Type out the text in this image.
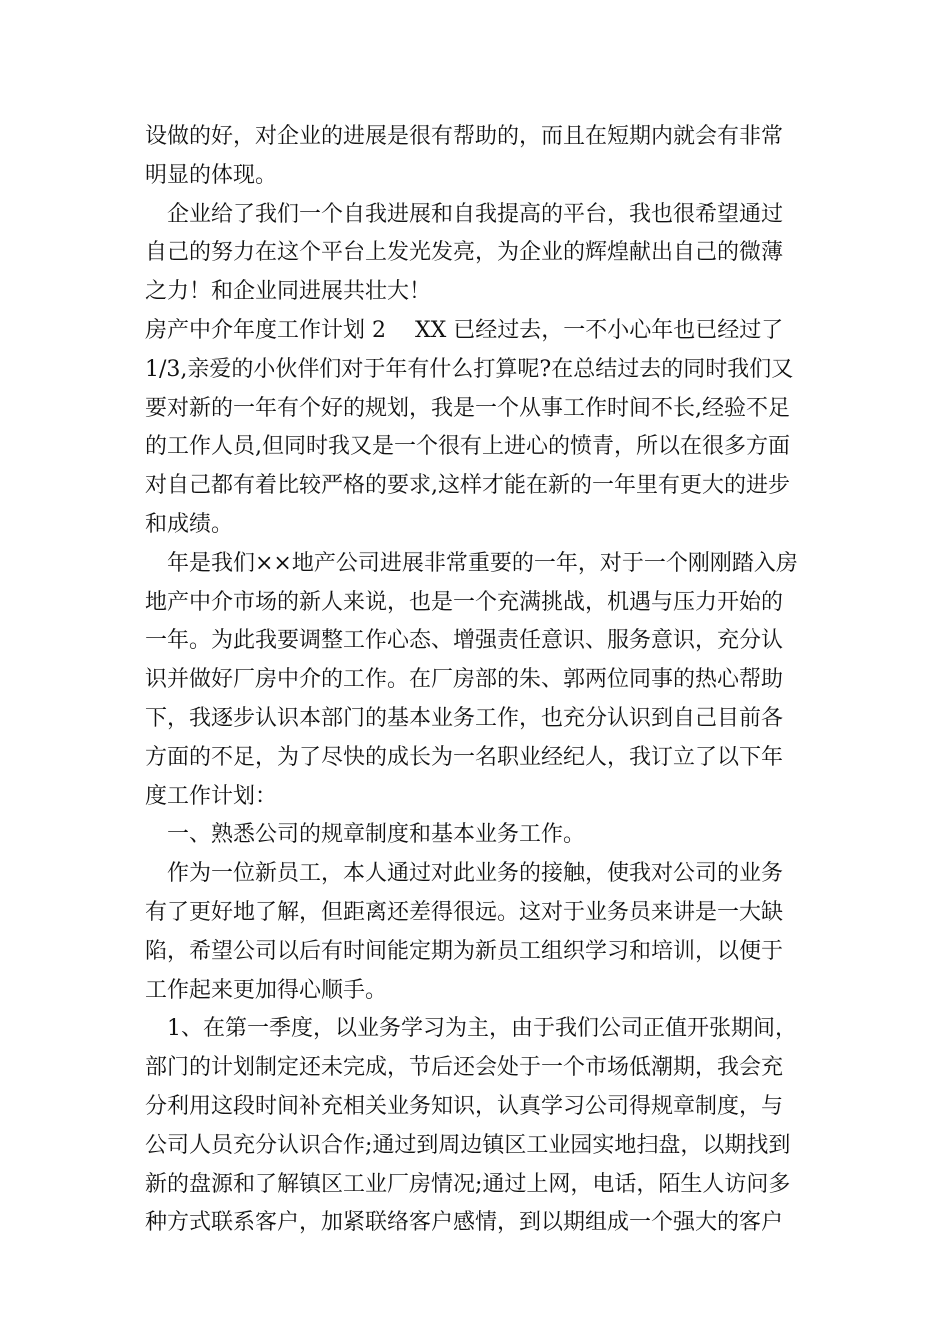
设做的好，对企业的进展是很有帮助的，而且在短期内就会有非常
明显的体现。
企业给了我们一个自我进展和自我提高的平台，我也很希望通过
自己的努力在这个平台上发光发亮，为企业的辉煌献出自己的微薄
之力！和企业同进展共壮大！
房产中介年度工作计划 2　 XX 已经过去，一不小心年也已经过了
1/3,亲爱的小伙伴们对于年有什么打算呢?在总结过去的同时我们又
要对新的一年有个好的规划，我是一个从事工作时间不长,经验不足
的工作人员,但同时我又是一个很有上进心的愤青，所以在很多方面
对自己都有着比较严格的要求,这样才能在新的一年里有更大的进步
和成绩。
年是我们××地产公司进展非常重要的一年，对于一个刚刚踏入房
地产中介市场的新人来说，也是一个充满挑战，机遇与压力开始的
一年。为此我要调整工作心态、增强责任意识、服务意识，充分认
识并做好厂房中介的工作。在厂房部的朱、郭两位同事的热心帮助
下，我逐步认识本部门的基本业务工作，也充分认识到自己目前各
方面的不足，为了尽快的成长为一名职业经纪人，我订立了以下年
度工作计划：
一、熟悉公司的规章制度和基本业务工作。
作为一位新员工，本人通过对此业务的接触，使我对公司的业务
有了更好地了解，但距离还差得很远。这对于业务员来讲是一大缺
陷，希望公司以后有时间能定期为新员工组织学习和培训，以便于
工作起来更加得心顺手。
1、在第一季度，以业务学习为主，由于我们公司正值开张期间，
部门的计划制定还未完成，节后还会处于一个市场低潮期，我会充
分利用这段时间补充相关业务知识，认真学习公司得规章制度，与
公司人员充分认识合作;通过到周边镇区工业园实地扫盘，以期找到
新的盘源和了解镇区工业厂房情况;通过上网，电话，陌生人访问多
种方式联系客户，加紧联络客户感情，到以期组成一个强大的客户
